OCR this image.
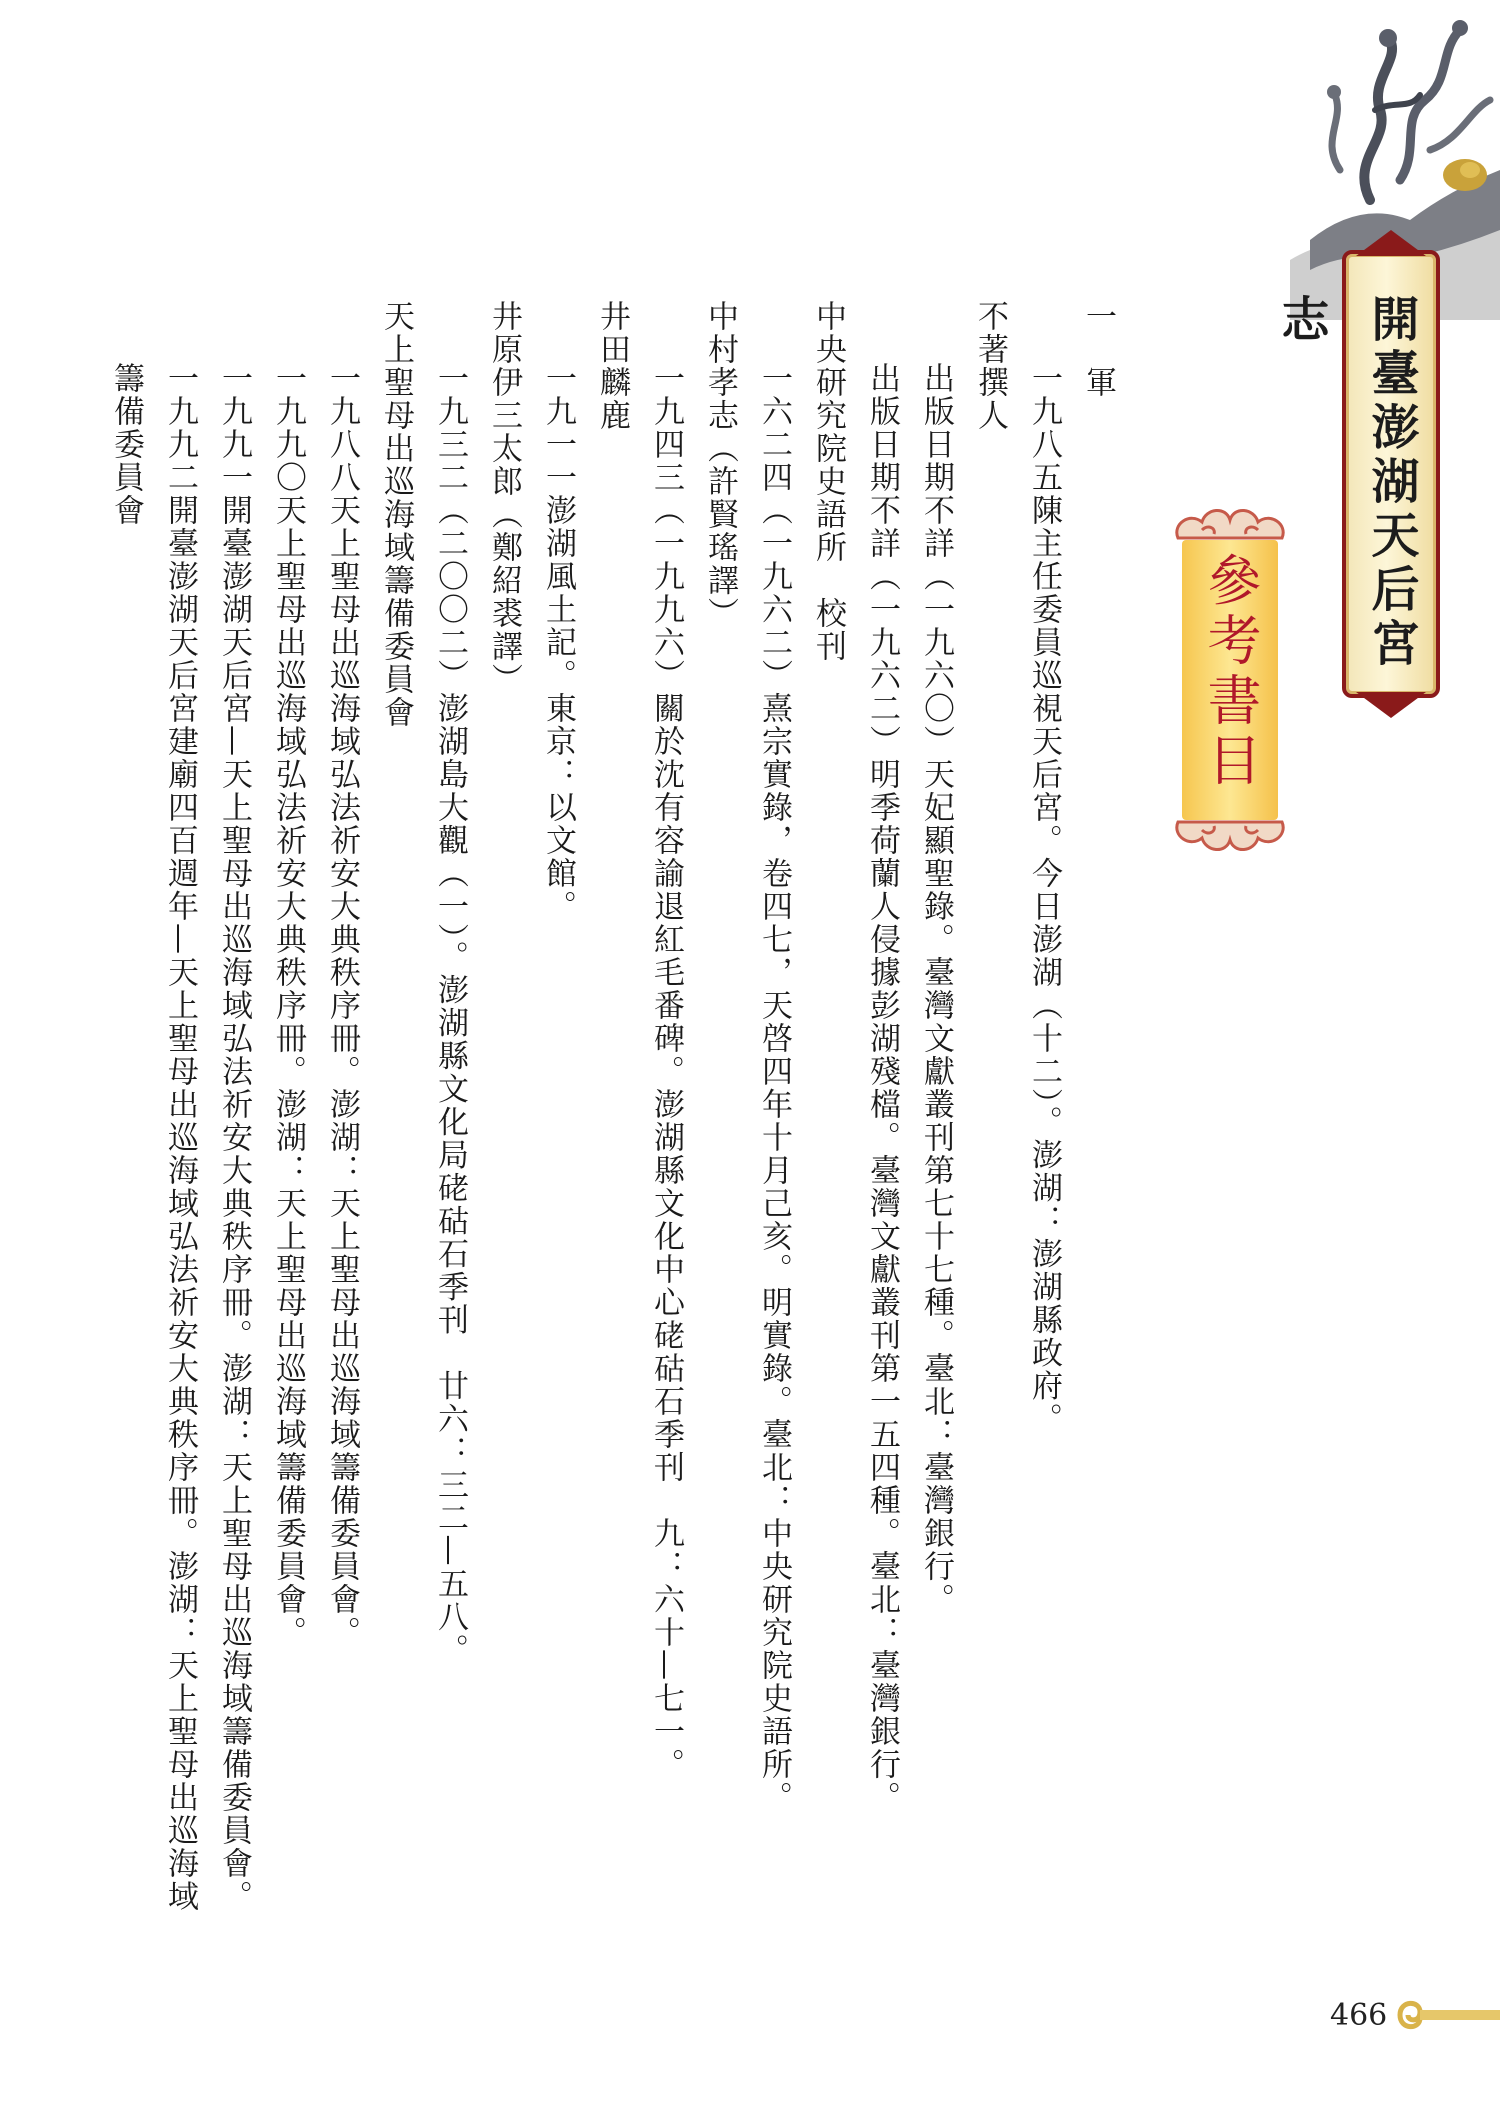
開臺澎湖天后宮志
參考書目
一　軍
一九八五陳主任委員巡視天后宮。今日澎湖（十二）。澎湖：澎湖縣政府。
不著撰人
出版日期不詳（一九六〇）天妃顯聖錄。臺灣文獻叢刊第七十七種。臺北：臺灣銀行。
出版日期不詳（一九六二）明季荷蘭人侵據彭湖殘檔。臺灣文獻叢刊第一五四種。臺北：臺灣銀行。
中央研究院史語所　校刊
一六二四（一九六二）熹宗實錄，卷四七，天啓四年十月己亥。明實錄。臺北：中央研究院史語所。
中村孝志（許賢瑤譯）
一九四三（一九九六）關於沈有容諭退紅毛番碑。澎湖縣文化中心硓𥑮石季刊　九：六十—七一。
井田麟鹿
一九一一澎湖風土記。東京：以文館。
井原伊三太郎（鄭紹裘譯）
一九三二（二〇〇二）澎湖島大觀（一）。澎湖縣文化局硓𥑮石季刊　廿六：三二—五八。
天上聖母出巡海域籌備委員會
一九八八天上聖母出巡海域弘法祈安大典秩序冊。澎湖：天上聖母出巡海域籌備委員會。
一九九〇天上聖母出巡海域弘法祈安大典秩序冊。澎湖：天上聖母出巡海域籌備委員會。
一九九一開臺澎湖天后宮—天上聖母出巡海域弘法祈安大典秩序冊。澎湖：天上聖母出巡海域籌備委員會。
一九九二開臺澎湖天后宮建廟四百週年—天上聖母出巡海域弘法祈安大典秩序冊。澎湖：天上聖母出巡海域籌備委員會
466
